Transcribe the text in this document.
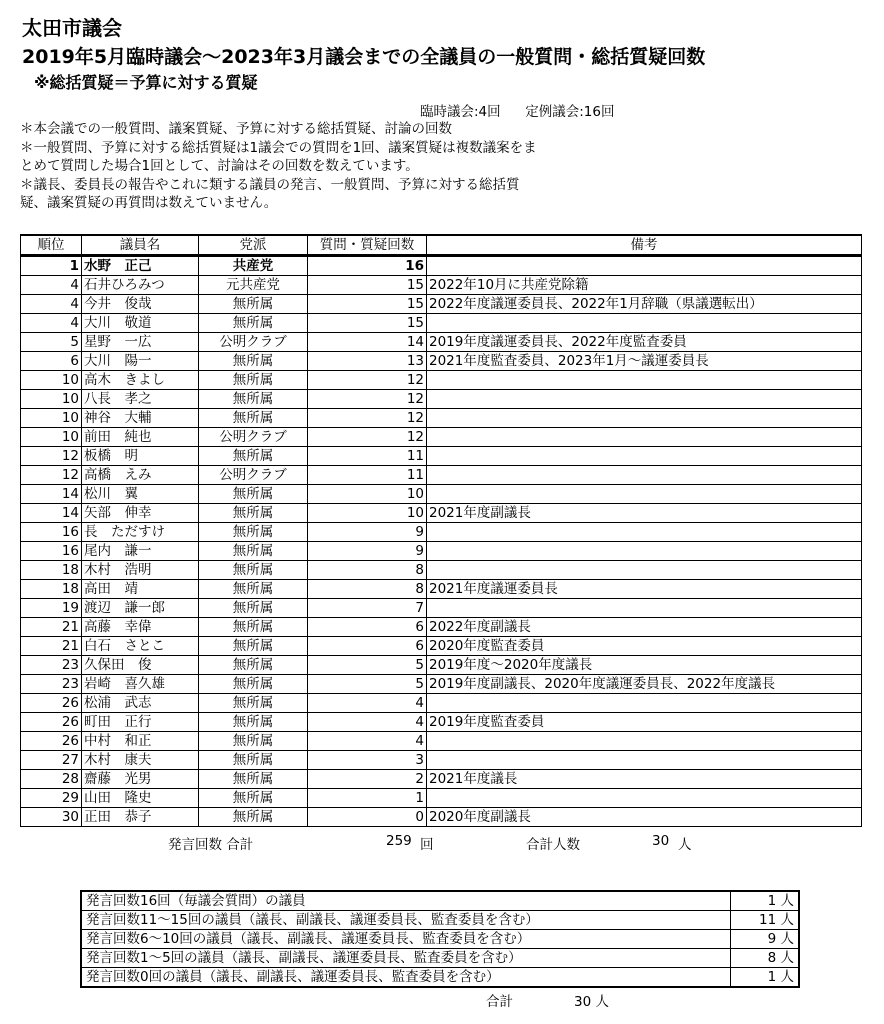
太田市議会
2019年5月臨時議会～2023年3月議会までの全議員の一般質問・総括質疑回数
※総括質疑＝予算に対する質疑
臨時議会:4回 定例議会:16回

＊本会議での一般質問、議案質疑、予算に対する総括質疑、討論の回数

＊一般質問、予算に対する総括質疑は1議会での質問を1回、議案質疑は複数議案をま

とめて質問した場合1回として、討論はその回数を数えています。

＊議長、委員長の報告やこれに類する議員の発言、一般質問、予算に対する総括質

疑、議案質疑の再質問は数えていません。

順位	議員名	党派	質問・質疑回数	備考
1	水野　正己	共産党	16	
4	石井ひろみつ	元共産党	15	2022年10月に共産党除籍
4	今井　俊哉	無所属	15	2022年度議運委員長、2022年1月辞職（県議選転出）
4	大川　敬道	無所属	15	
5	星野　一広	公明クラブ	14	2019年度議運委員長、2022年度監査委員
6	大川　陽一	無所属	13	2021年度監査委員、2023年1月～議運委員長
10	高木　きよし	無所属	12	
10	八長　孝之	無所属	12	
10	神谷　大輔	無所属	12	
10	前田　純也	公明クラブ	12	
12	板橋　明	無所属	11	
12	高橋　えみ	公明クラブ	11	
14	松川　翼	無所属	10	
14	矢部　伸幸	無所属	10	2021年度副議長
16	長　ただすけ	無所属	9	
16	尾内　謙一	無所属	9	
18	木村　浩明	無所属	8	
18	高田　靖	無所属	8	2021年度議運委員長
19	渡辺　謙一郎	無所属	7	
21	高藤　幸偉	無所属	6	2022年度副議長
21	白石　さとこ	無所属	6	2020年度監査委員
23	久保田　俊	無所属	5	2019年度～2020年度議長
23	岩崎　喜久雄	無所属	5	2019年度副議長、2020年度議運委員長、2022年度議長
26	松浦　武志	無所属	4	
26	町田　正行	無所属	4	2019年度監査委員
26	中村　和正	無所属	4	
27	木村　康夫	無所属	3	
28	齋藤　光男	無所属	2	2021年度議長
29	山田　隆史	無所属	1	
30	正田　恭子	無所属	0	2020年度副議長
発言回数 合計	259 回	合計人数	30 人
発言回数16回（毎議会質問）の議員	1 人
発言回数11～15回の議員（議長、副議長、議運委員長、監査委員を含む）	11 人
発言回数6～10回の議員（議長、副議長、議運委員長、監査委員を含む）	9 人
発言回数1～5回の議員（議長、副議長、議運委員長、監査委員を含む）	8 人
発言回数0回の議員（議長、副議長、議運委員長、監査委員を含む）	1 人
合計	30 人
